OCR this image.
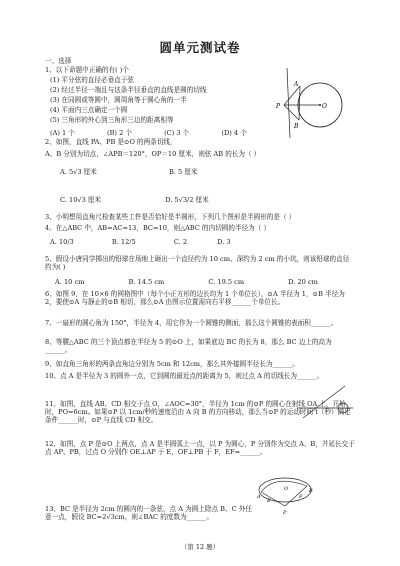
圆单元测试卷
一、选择
1、以下命题中正确的有( )个
(1) 平分弦的直径必垂直于弦
(2) 经过半径一端且与这条半径垂直的直线是圆的切线
(3) 在同圆或等圆中，圆周角等于圆心角的一半
(4) 平面内三点确定一个圆
(5) 三角形的外心到三角形三边的距离相等
(A) 1 个	(B) 2 个	(C) 3 个	(D) 4 个
A
P	O
B
2、如图，直线 PA、PB 是⊙O 的两条切线，
A、B 分别为切点，∠APB＝120°，OP＝10 厘米，则弦 AB 的长为（ ）
A. 5√3 厘米	B. 5 厘米
C. 10√3 厘米	D. 5√3/2 厘米
3、小明想用直角尺检查某些工件是否恰好是半圆形，下列几个图形是半圆形的是（ ）
4、在△ABC 中，AB=AC=13，BC=10，则△ABC 的内切圆的半径为（ ）
A. 10/3	B. 12/5	C. 2	D. 3
5、假设小唐同学掷出的铅球在场地上砸出一个直径约为 10 cm、深约为 2 cm 的小坑，则该铅球的直径约为( )
A. 10 cm	B. 14.5 cm	C. 19.5 cm	D. 20 cm
6、如图 9，在 10×6 的网格图中（每个小正方形的边长均为 1 个单位长），⊙A 半径为 1，⊙B 半径为 2，要使⊙A 与静止的⊙B 相切，那么⊙A 由图示位置需向右平移______个单位长。
7、一扇形的圆心角为 150°，半径为 4，用它作为一个圆锥的侧面，那么这个圆锥的表面积______。
8、等腰△ABC 的三个顶点都在半径为 5 的⊙O 上，如果底边 BC 的长为 8，那么 BC 边上的高为______。
9、如直角三角形的两条直角边分别为 5cm 和 12cm，那么其外接圆半径长为______。
10、点 A 是半径为 3 的圆外一点，它到圆的最近点的距离为 5，则过点 A 的切线长为______。
11、如图，直线 AB、CD 相交于点 O，∠AOC=30°，半径为 1cm 的⊙P 的圆心在射线 OA 上，开始时，PO=6cm。如果⊙P 以 1cm/秒的速度沿由 A 向 B 的方向移动，那么当⊙P 的运动时间 t（秒）满足条件______时，⊙P 与直线 CD 相交。
12、如图，点 P 是⊙O 上两点，点 A 是半圆弧上一点，以 P 为圆心，P 分别作为交点 A、B，并延长交于点 AP、PB，过点 O 分别作 OE⊥AP 于 E，OF⊥PB 于 F，EF=______。
A
E
O
F
B
P
13、BC 是半径为 2cm 的圆内的一条弦，点 A 为圆上除点 B、C 外任意一点，假设 BC=2√3cm，则∠BAC 的度数为______。
（第 12 题）
